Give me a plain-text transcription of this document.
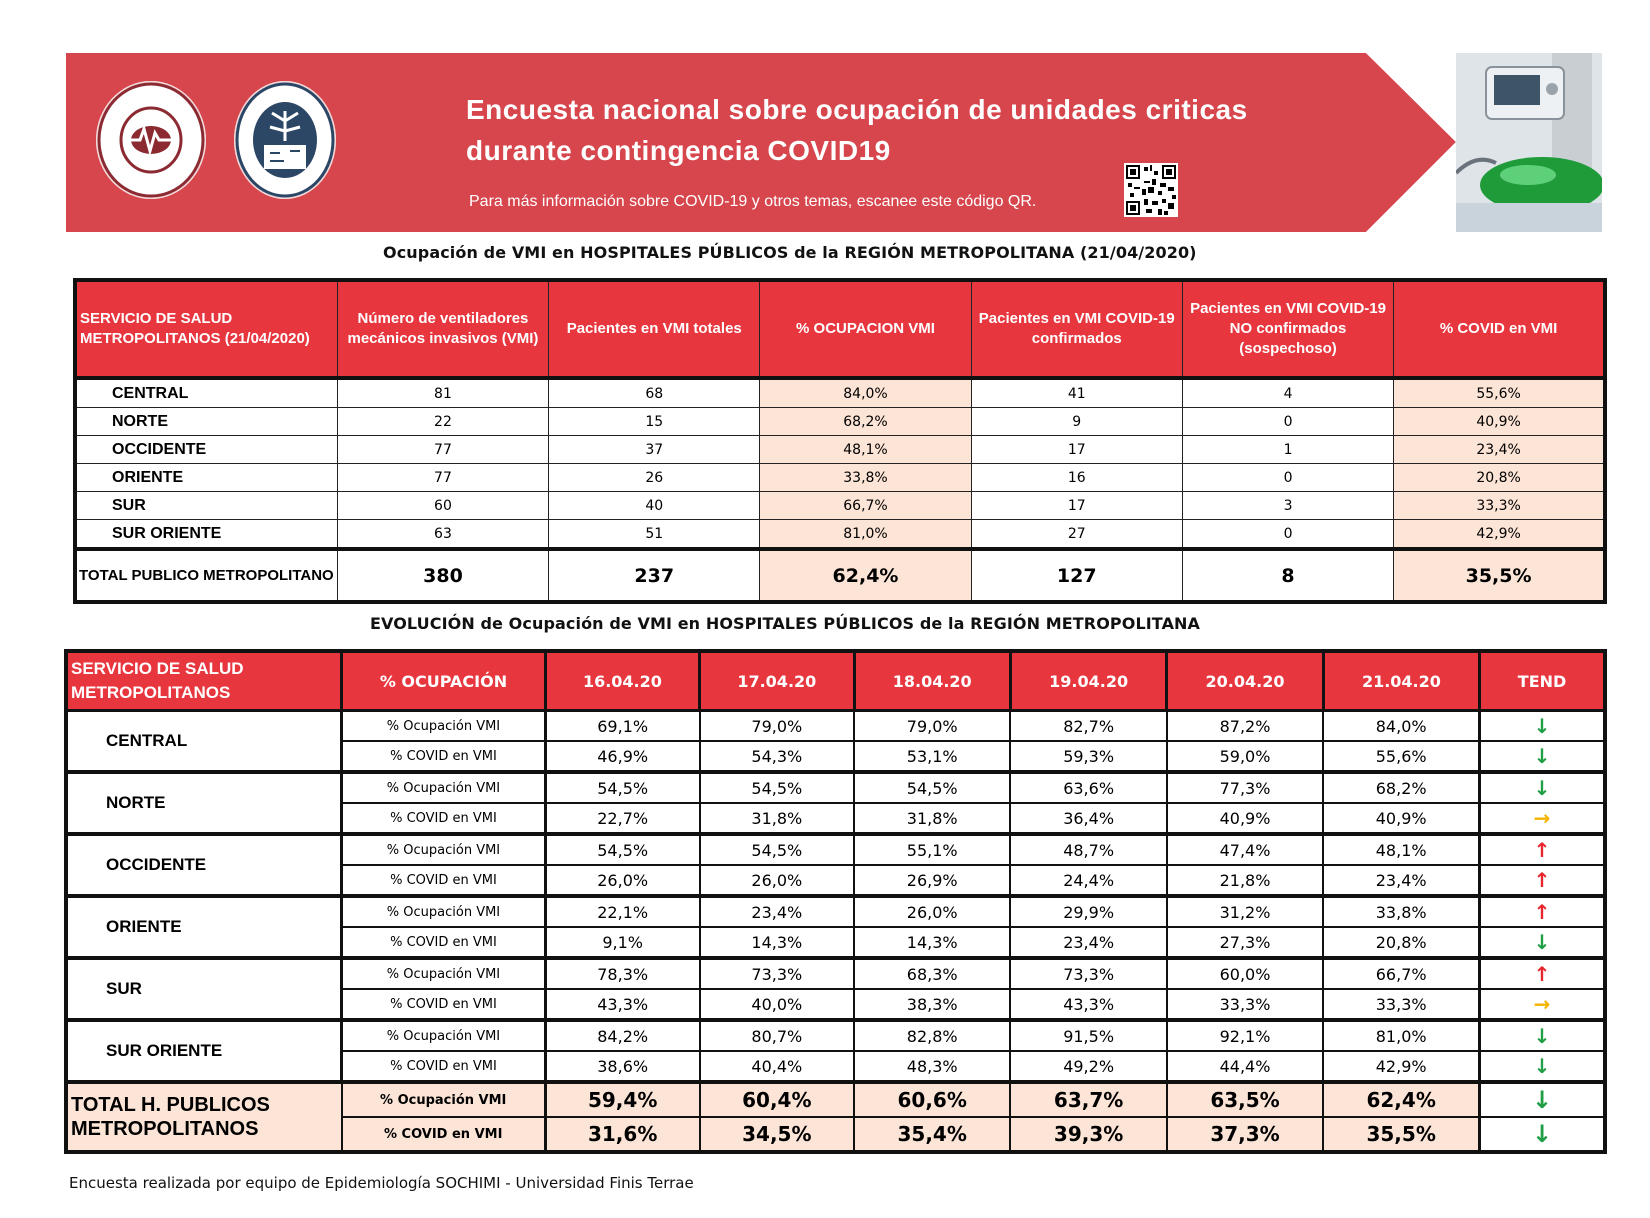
Encuesta nacional sobre ocupación de unidades criticas
durante contingencia COVID19
Para más información sobre COVID-19 y otros temas, escanee este código QR.
Ocupación de VMI en HOSPITALES PÚBLICOS de la REGIÓN METROPOLITANA (21/04/2020)
SERVICIO DE SALUD METROPOLITANOS (21/04/2020)	Número de ventiladores mecánicos invasivos (VMI)	Pacientes en VMI totales	% OCUPACION VMI	Pacientes en VMI COVID-19 confirmados	Pacientes en VMI COVID-19 NO confirmados (sospechoso)	% COVID en VMI
CENTRAL	81	68	84,0%	41	4	55,6%
NORTE	22	15	68,2%	9	0	40,9%
OCCIDENTE	77	37	48,1%	17	1	23,4%
ORIENTE	77	26	33,8%	16	0	20,8%
SUR	60	40	66,7%	17	3	33,3%
SUR ORIENTE	63	51	81,0%	27	0	42,9%
TOTAL PUBLICO METROPOLITANO	380	237	62,4%	127	8	35,5%
EVOLUCIÓN de Ocupación de VMI en HOSPITALES PÚBLICOS de la REGIÓN METROPOLITANA
SERVICIO DE SALUD METROPOLITANOS	% OCUPACIÓN	16.04.20	17.04.20	18.04.20	19.04.20	20.04.20	21.04.20	TEND
CENTRAL	% Ocupación VMI	69,1%	79,0%	79,0%	82,7%	87,2%	84,0%	↓
	% COVID en VMI	46,9%	54,3%	53,1%	59,3%	59,0%	55,6%	↓
NORTE	% Ocupación VMI	54,5%	54,5%	54,5%	63,6%	77,3%	68,2%	↓
	% COVID en VMI	22,7%	31,8%	31,8%	36,4%	40,9%	40,9%	→
OCCIDENTE	% Ocupación VMI	54,5%	54,5%	55,1%	48,7%	47,4%	48,1%	↑
	% COVID en VMI	26,0%	26,0%	26,9%	24,4%	21,8%	23,4%	↑
ORIENTE	% Ocupación VMI	22,1%	23,4%	26,0%	29,9%	31,2%	33,8%	↑
	% COVID en VMI	9,1%	14,3%	14,3%	23,4%	27,3%	20,8%	↓
SUR	% Ocupación VMI	78,3%	73,3%	68,3%	73,3%	60,0%	66,7%	↑
	% COVID en VMI	43,3%	40,0%	38,3%	43,3%	33,3%	33,3%	→
SUR ORIENTE	% Ocupación VMI	84,2%	80,7%	82,8%	91,5%	92,1%	81,0%	↓
	% COVID en VMI	38,6%	40,4%	48,3%	49,2%	44,4%	42,9%	↓
TOTAL H. PUBLICOS METROPOLITANOS	% Ocupación VMI	59,4%	60,4%	60,6%	63,7%	63,5%	62,4%	↓
	% COVID en VMI	31,6%	34,5%	35,4%	39,3%	37,3%	35,5%	↓
Encuesta realizada por equipo de Epidemiología SOCHIMI - Universidad Finis Terrae
